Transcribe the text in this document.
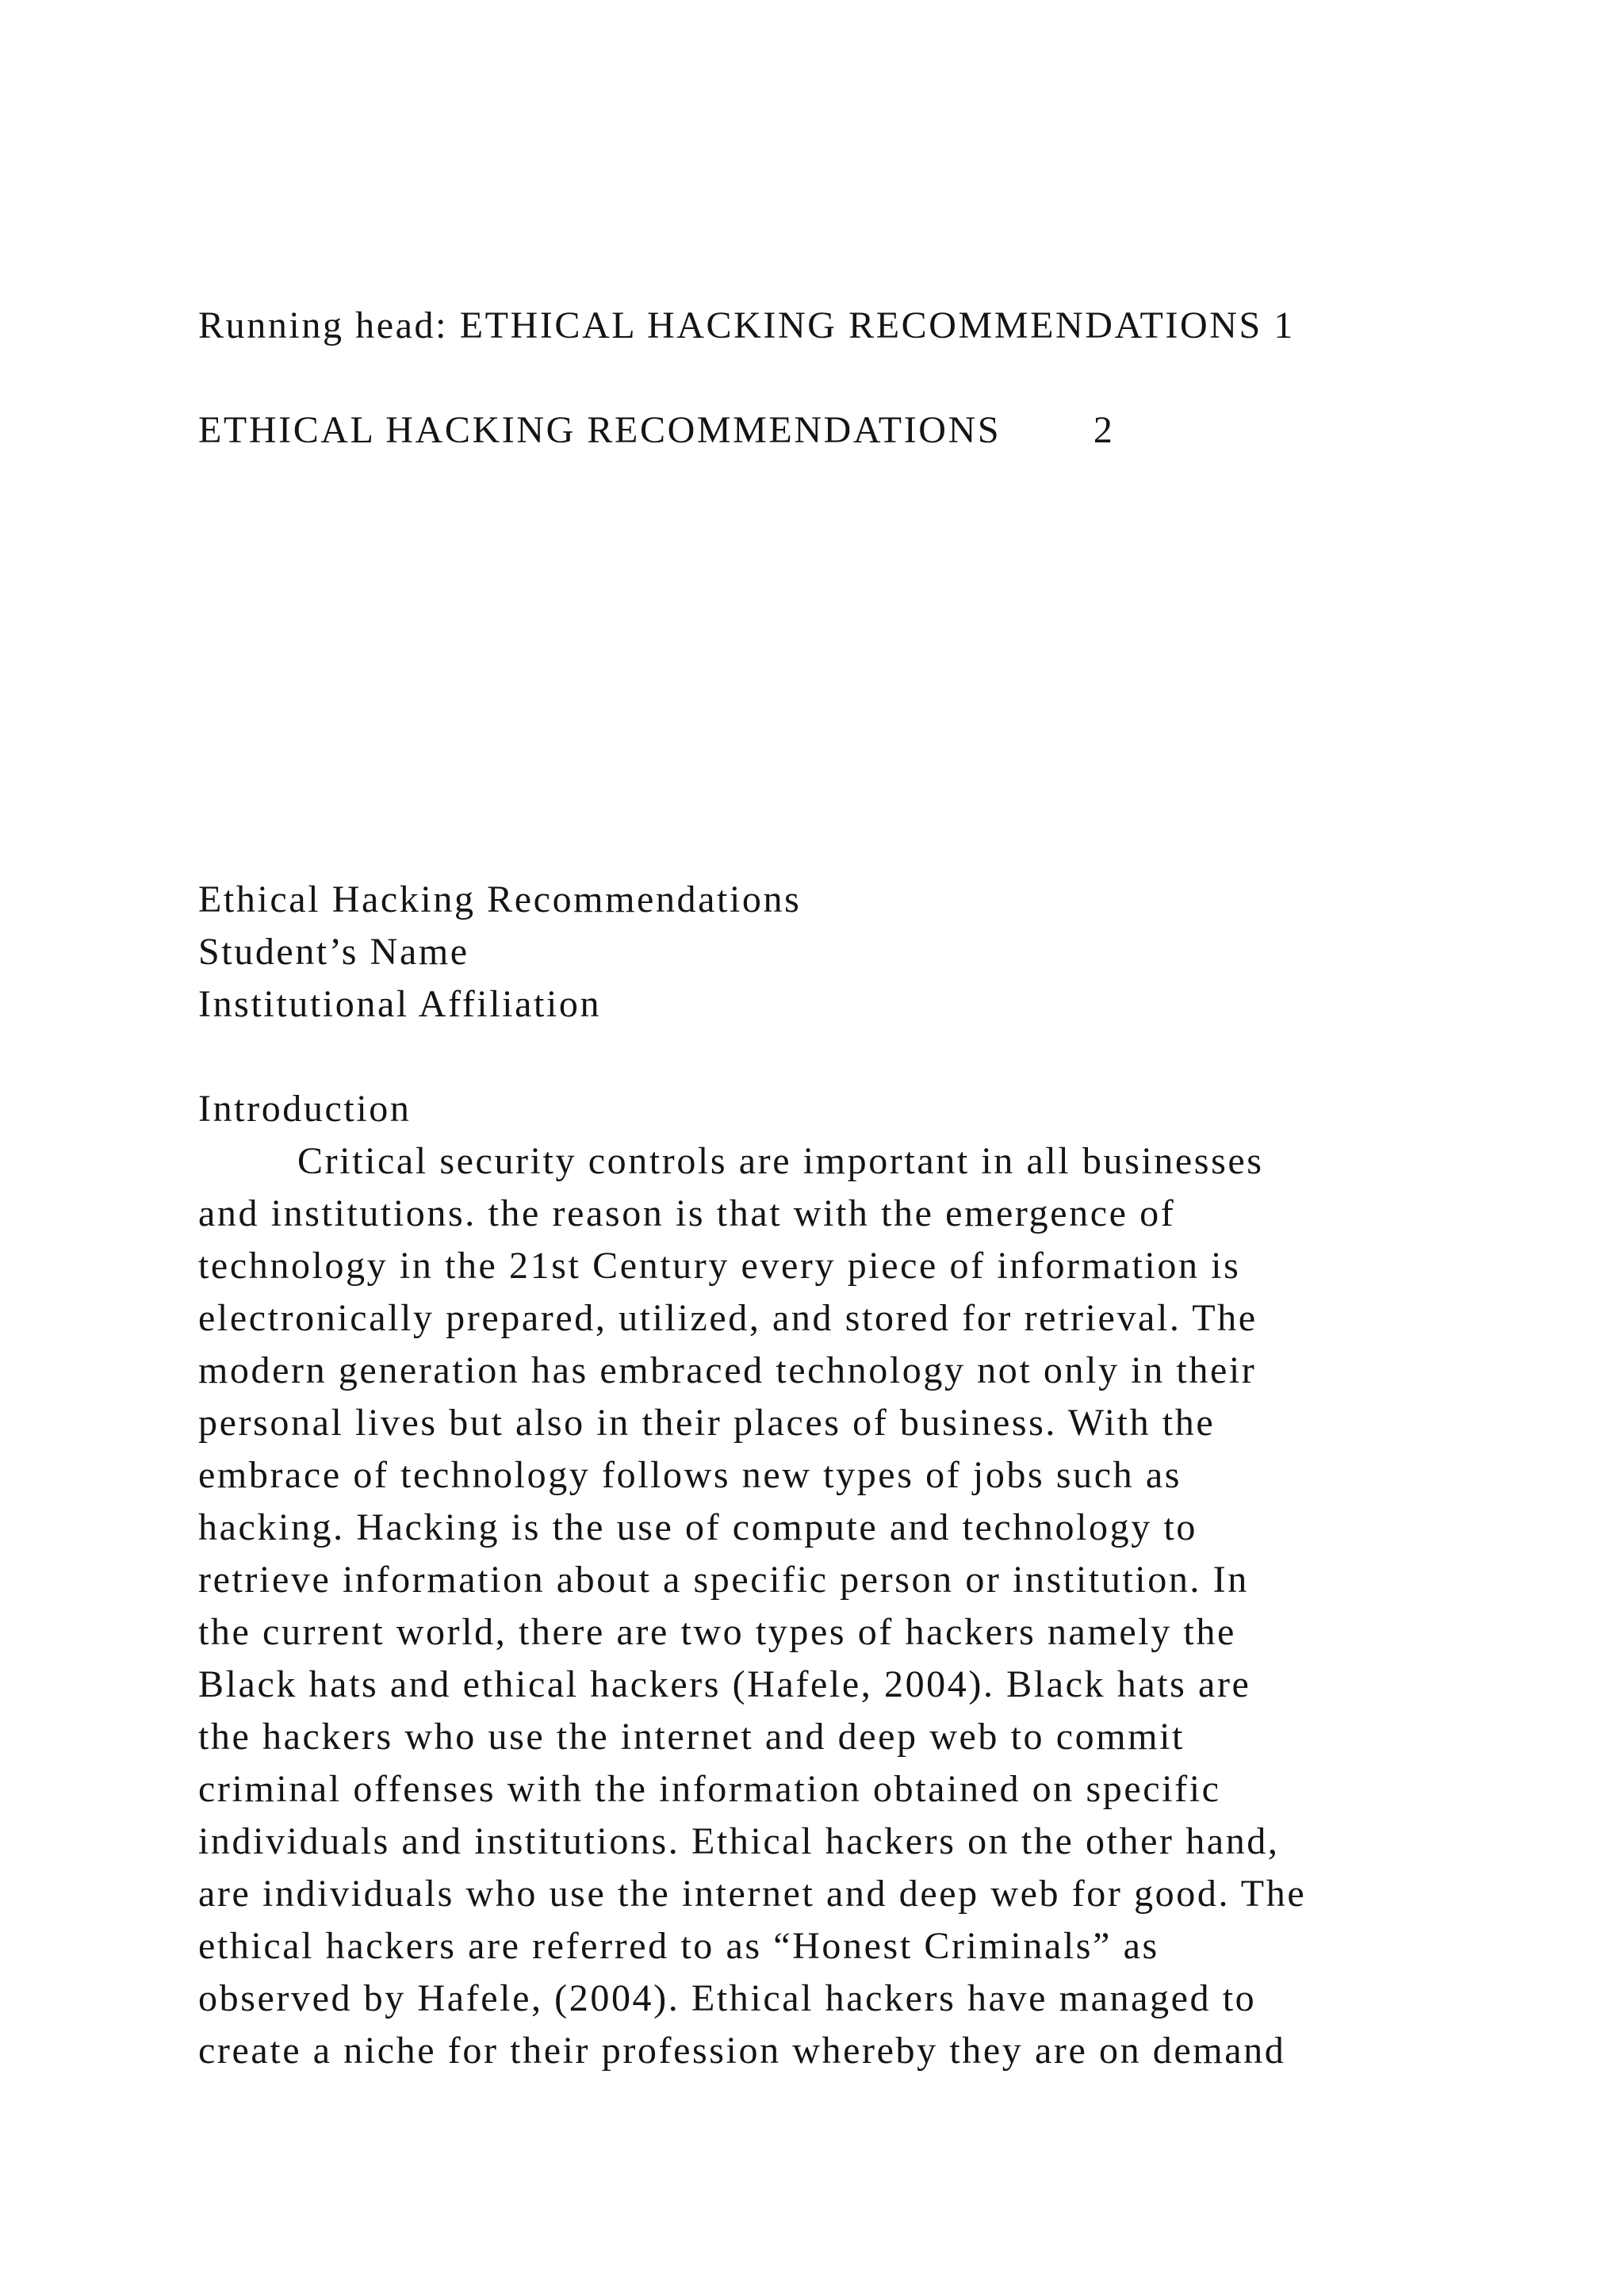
Running head: ETHICAL HACKING RECOMMENDATIONS 1
ETHICAL HACKING RECOMMENDATIONS        2
Ethical Hacking Recommendations
Student’s Name
Institutional Affiliation
Introduction
Critical security controls are important in all businesses
and institutions. the reason is that with the emergence of
technology in the 21st Century every piece of information is
electronically prepared, utilized, and stored for retrieval. The
modern generation has embraced technology not only in their
personal lives but also in their places of business. With the
embrace of technology follows new types of jobs such as
hacking. Hacking is the use of compute and technology to
retrieve information about a specific person or institution. In
the current world, there are two types of hackers namely the
Black hats and ethical hackers (Hafele, 2004). Black hats are
the hackers who use the internet and deep web to commit
criminal offenses with the information obtained on specific
individuals and institutions. Ethical hackers on the other hand,
are individuals who use the internet and deep web for good. The
ethical hackers are referred to as “Honest Criminals” as
observed by Hafele, (2004). Ethical hackers have managed to
create a niche for their profession whereby they are on demand
